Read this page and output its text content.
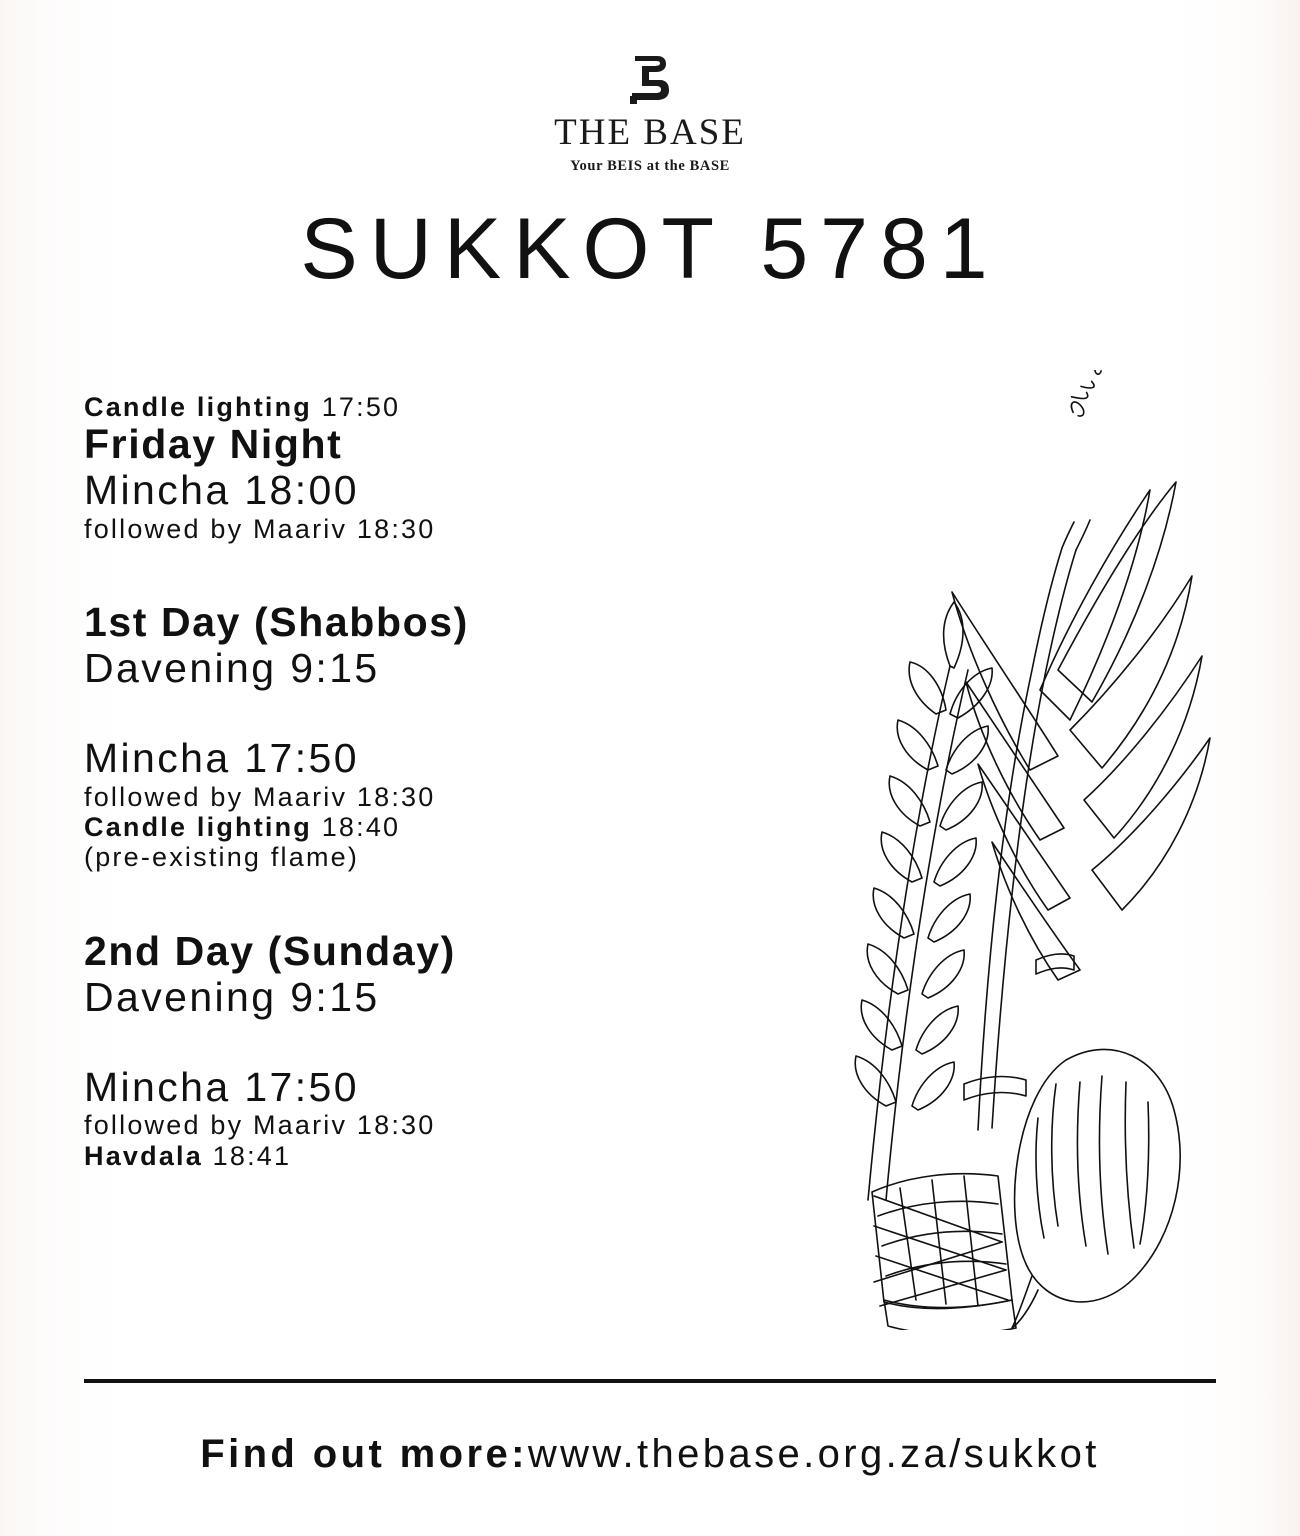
THE BASE
Your BEIS at the BASE
SUKKOT 5781
Candle lighting 17:50
Friday Night
Mincha 18:00
followed by Maariv 18:30
1st Day (Shabbos)
Davening 9:15
Mincha 17:50
followed by Maariv 18:30
Candle lighting 18:40
(pre-existing flame)
2nd Day (Sunday)
Davening 9:15
Mincha 17:50
followed by Maariv 18:30
Havdala 18:41
Find out more:www.thebase.org.za/sukkot
